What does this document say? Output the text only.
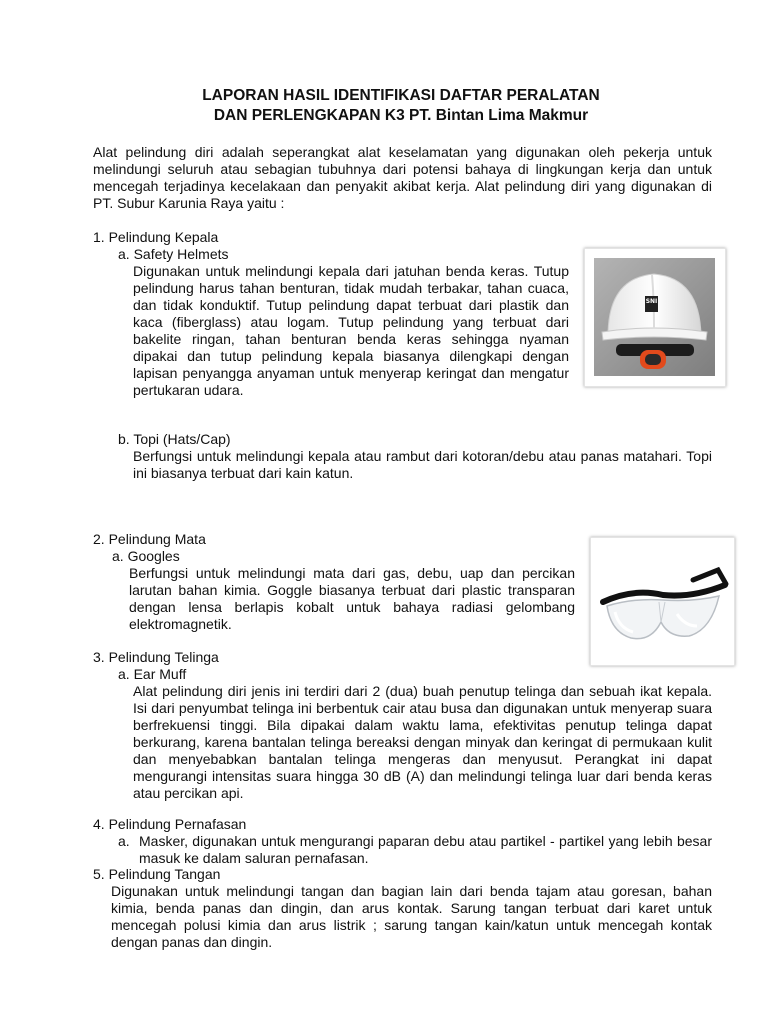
LAPORAN HASIL IDENTIFIKASI DAFTAR PERALATAN
DAN PERLENGKAPAN K3 PT. Bintan Lima Makmur
Alat pelindung diri adalah seperangkat alat keselamatan yang digunakan oleh pekerja untuk melindungi seluruh atau sebagian tubuhnya dari potensi bahaya di lingkungan kerja dan untuk mencegah terjadinya kecelakaan dan penyakit akibat kerja. Alat pelindung diri yang digunakan di PT. Subur Karunia Raya yaitu :
1. Pelindung Kepala
a. Safety Helmets
Digunakan untuk melindungi kepala dari jatuhan benda keras. Tutup pelindung harus tahan benturan, tidak mudah terbakar, tahan cuaca, dan tidak konduktif. Tutup pelindung dapat terbuat dari plastik dan kaca (fiberglass) atau logam. Tutup pelindung yang terbuat dari bakelite ringan, tahan benturan benda keras sehingga nyaman dipakai dan tutup pelindung kepala biasanya dilengkapi dengan lapisan penyangga anyaman untuk menyerap keringat dan mengatur pertukaran udara.
SNI
b. Topi (Hats/Cap)
Berfungsi untuk melindungi kepala atau rambut dari kotoran/debu atau panas matahari. Topi ini biasanya terbuat dari kain katun.
2. Pelindung Mata
a. Googles
Berfungsi untuk melindungi mata dari gas, debu, uap dan percikan larutan bahan kimia. Goggle biasanya terbuat dari plastic transparan dengan lensa berlapis kobalt untuk bahaya radiasi gelombang elektromagnetik.
3. Pelindung Telinga
a. Ear Muff
Alat pelindung diri jenis ini terdiri dari 2 (dua) buah penutup telinga dan sebuah ikat kepala. Isi dari penyumbat telinga ini berbentuk cair atau busa dan digunakan untuk menyerap suara berfrekuensi tinggi. Bila dipakai dalam waktu lama, efektivitas penutup telinga dapat berkurang, karena bantalan telinga bereaksi dengan minyak dan keringat di permukaan kulit dan menyebabkan bantalan telinga mengeras dan menyusut. Perangkat ini dapat mengurangi intensitas suara hingga 30 dB (A) dan melindungi telinga luar dari benda keras atau percikan api.
4. Pelindung Pernafasan
a. Masker, digunakan untuk mengurangi paparan debu atau partikel - partikel yang lebih besar masuk ke dalam saluran pernafasan.
5. Pelindung Tangan
Digunakan untuk melindungi tangan dan bagian lain dari benda tajam atau goresan, bahan kimia, benda panas dan dingin, dan arus kontak. Sarung tangan terbuat dari karet untuk mencegah polusi kimia dan arus listrik ; sarung tangan kain/katun untuk mencegah kontak dengan panas dan dingin.
